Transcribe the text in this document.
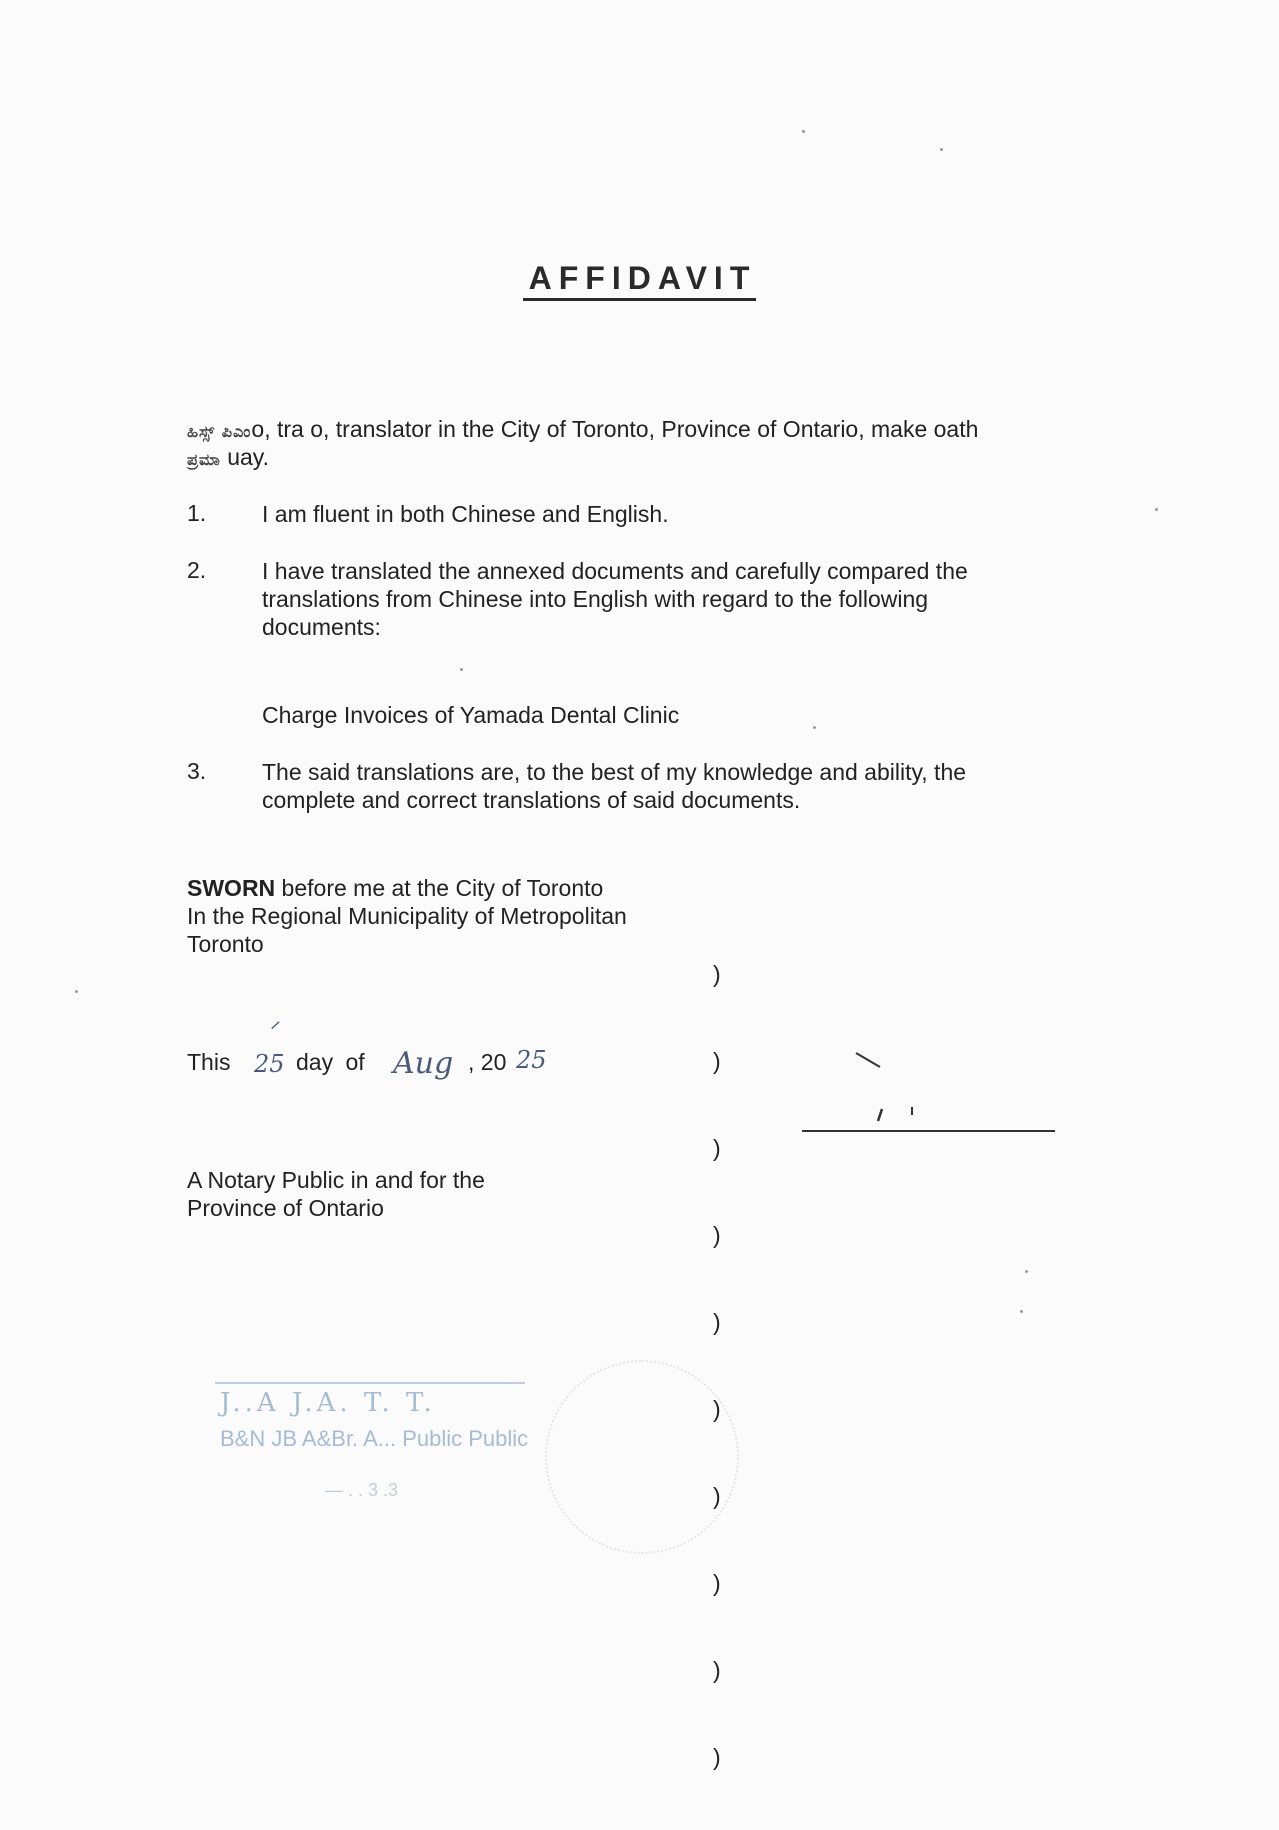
AFFIDAVIT
ಹಿಸ್ಸ್ ಪಿಎಂo, tra o, translator in the City of Toronto, Province of Ontario, make oath
ಪ್ರಮಾ uay.
1. I am fluent in both Chinese and English.
2. I have translated the annexed documents and carefully compared the
translations from Chinese into English with regard to the following
documents:
Charge Invoices of Yamada Dental Clinic
3. The said translations are, to the best of my knowledge and ability, the
complete and correct translations of said documents.
SWORN before me at the City of Toronto
In the Regional Municipality of Metropolitan
Toronto

)

)

)

)

)

)

)

)

)

)

This
ᐟ
25 day of Aug , 20 25
A Notary Public in and for the
Province of Ontario
J..A J.A. T. T.
B&N JB A&Br. A... Public Public
— . . 3 .3
